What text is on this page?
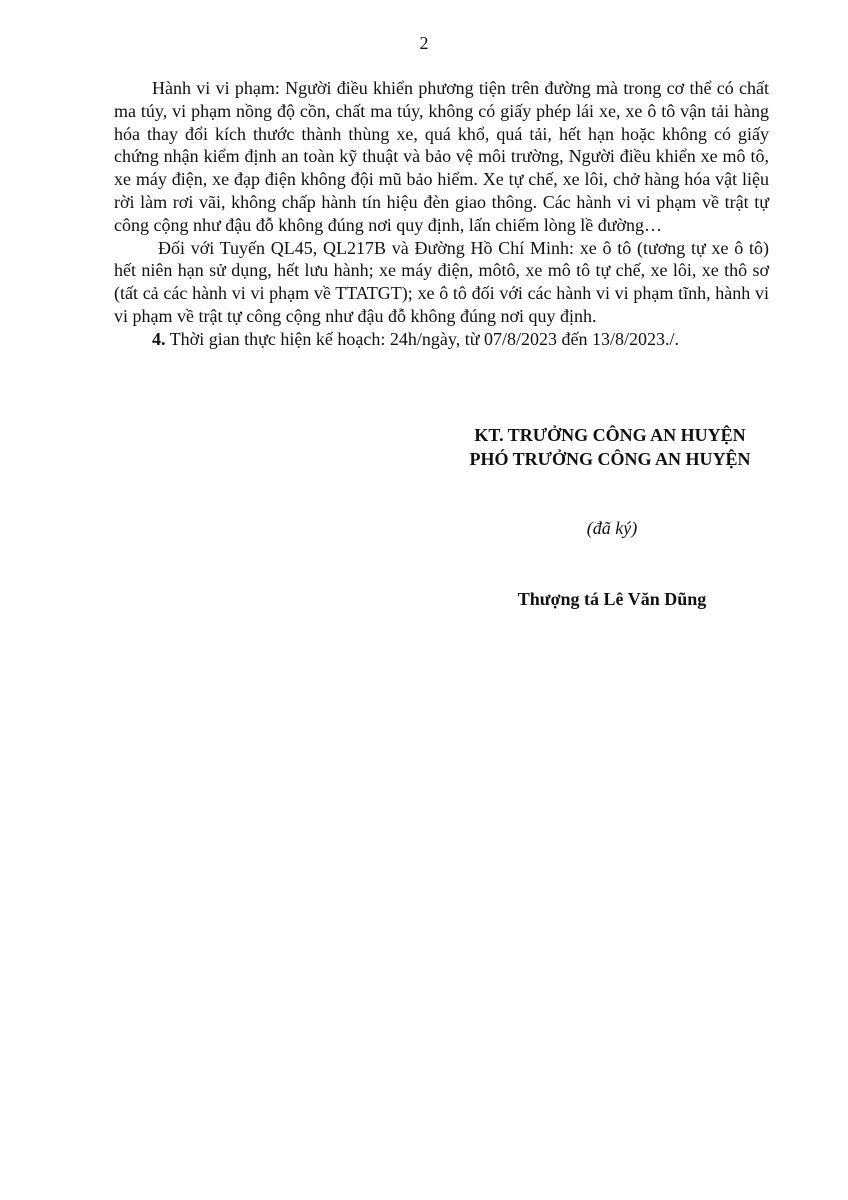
2

Hành vi vi phạm: Người điều khiển phương tiện trên đường mà trong cơ thể có chất ma túy, vi phạm nồng độ cồn, chất ma túy, không có giấy phép lái xe, xe ô tô vận tải hàng hóa thay đổi kích thước thành thùng xe, quá khổ, quá tải, hết hạn hoặc không có giấy chứng nhận kiểm định an toàn kỹ thuật và bảo vệ môi trường, Người điều khiển xe mô tô, xe máy điện, xe đạp điện không đội mũ bảo hiểm. Xe tự chế, xe lôi, chở hàng hóa vật liệu rời làm rơi vãi, không chấp hành tín hiệu đèn giao thông. Các hành vi vi phạm về trật tự công cộng như đậu đỗ không đúng nơi quy định, lấn chiếm lòng lề đường…

Đối với Tuyến QL45, QL217B và Đường Hồ Chí Minh: xe ô tô (tương tự xe ô tô) hết niên hạn sử dụng, hết lưu hành; xe máy điện, môtô, xe mô tô tự chế, xe lôi, xe thô sơ (tất cả các hành vi vi phạm về TTATGT); xe ô tô đối với các hành vi vi phạm tĩnh, hành vi vi phạm về trật tự công cộng như đậu đỗ không đúng nơi quy định.

4. Thời gian thực hiện kế hoạch: 24h/ngày, từ 07/8/2023 đến 13/8/2023./.

KT. TRƯỞNG CÔNG AN HUYỆN
PHÓ TRƯỞNG CÔNG AN HUYỆN
(đã ký)
Thượng tá Lê Văn Dũng
